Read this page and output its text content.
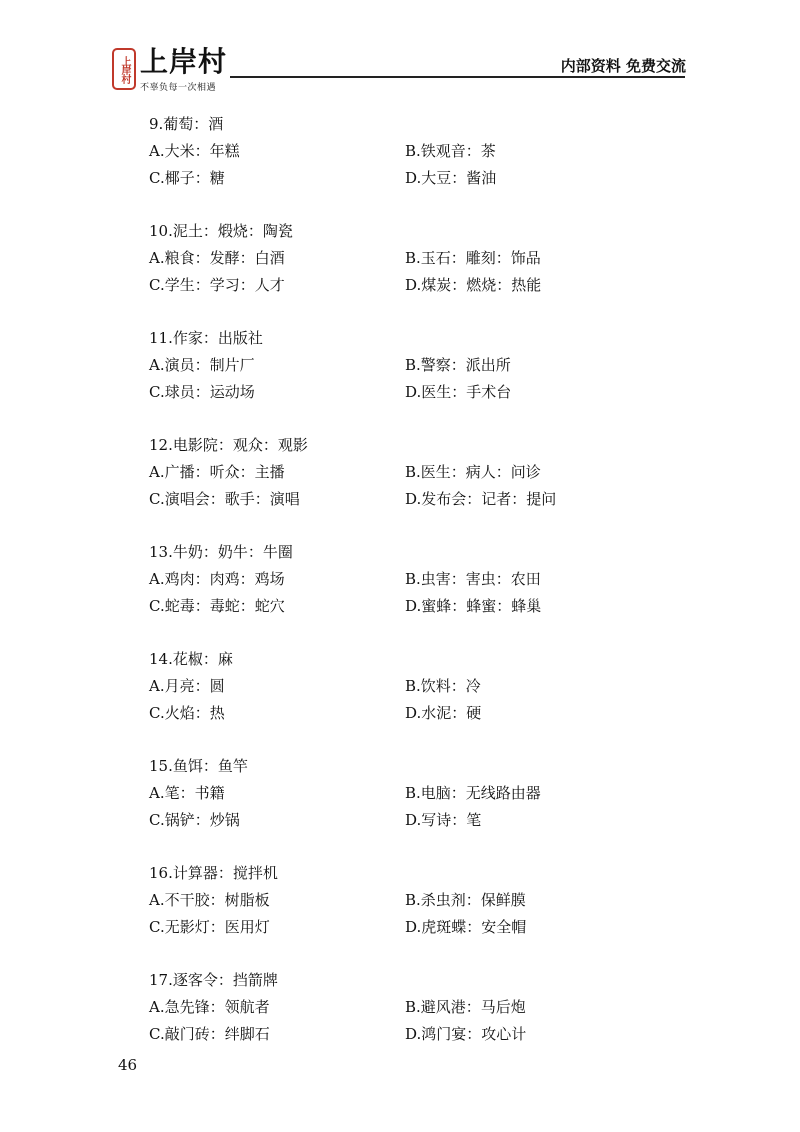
上岸村 上岸村
不辜负每一次相遇
内部资料 免费交流
9.葡萄：酒
A.大米：年糕	B.铁观音：茶
C.椰子：糖	D.大豆：酱油
10.泥土：煅烧：陶瓷
A.粮食：发酵：白酒	B.玉石：雕刻：饰品
C.学生：学习：人才	D.煤炭：燃烧：热能
11.作家：出版社
A.演员：制片厂	B.警察：派出所
C.球员：运动场	D.医生：手术台
12.电影院：观众：观影
A.广播：听众：主播	B.医生：病人：问诊
C.演唱会：歌手：演唱	D.发布会：记者：提问
13.牛奶：奶牛：牛圈
A.鸡肉：肉鸡：鸡场	B.虫害：害虫：农田
C.蛇毒：毒蛇：蛇穴	D.蜜蜂：蜂蜜：蜂巢
14.花椒：麻
A.月亮：圆	B.饮料：冷
C.火焰：热	D.水泥：硬
15.鱼饵：鱼竿
A.笔：书籍	B.电脑：无线路由器
C.锅铲：炒锅	D.写诗：笔
16.计算器：搅拌机
A.不干胶：树脂板	B.杀虫剂：保鲜膜
C.无影灯：医用灯	D.虎斑蝶：安全帽
17.逐客令：挡箭牌
A.急先锋：领航者	B.避风港：马后炮
C.敲门砖：绊脚石	D.鸿门宴：攻心计
46
